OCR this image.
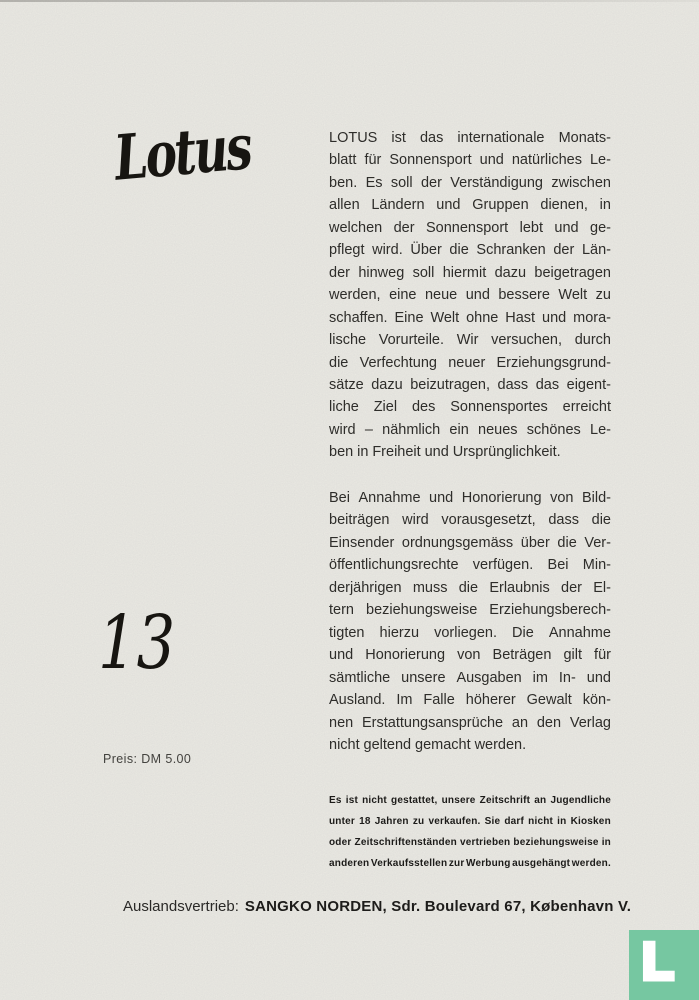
Lotus	LOTUS ist das internationale Monats-
blatt für Sonnensport und natürliches Le-
ben. Es soll der Verständigung zwischen
allen Ländern und Gruppen dienen, in
welchen der Sonnensport lebt und ge-
pflegt wird. Über die Schranken der Län-
der hinweg soll hiermit dazu beigetragen
werden, eine neue und bessere Welt zu
schaffen. Eine Welt ohne Hast und mora-
lische Vorurteile. Wir versuchen, durch
die Verfechtung neuer Erziehungsgrund-
sätze dazu beizutragen, dass das eigent-
liche Ziel des Sonnensportes erreicht
wird – nähmlich ein neues schönes Le-
ben in Freiheit und Ursprünglichkeit.
Bei Annahme und Honorierung von Bild-
beiträgen wird vorausgesetzt, dass die
Einsender ordnungsgemäss über die Ver-
öffentlichungsrechte verfügen. Bei Min-
derjährigen muss die Erlaubnis der El-
tern beziehungsweise Erziehungsberech-
tigten hierzu vorliegen. Die Annahme
und Honorierung von Beträgen gilt für
sämtliche unsere Ausgaben im In- und
Ausland. Im Falle höherer Gewalt kön-
nen Erstattungsansprüche an den Verlag
nicht geltend gemacht werden.
13
Preis: DM 5.00
Es ist nicht gestattet, unsere Zeitschrift an Jugendliche
unter 18 Jahren zu verkaufen. Sie darf nicht in Kiosken
oder Zeitschriftenständen vertrieben beziehungsweise in
anderen Verkaufsstellen zur Werbung ausgehängt werden.
Auslandsvertrieb: SANGKO NORDEN, Sdr. Boulevard 67, København V.
L
